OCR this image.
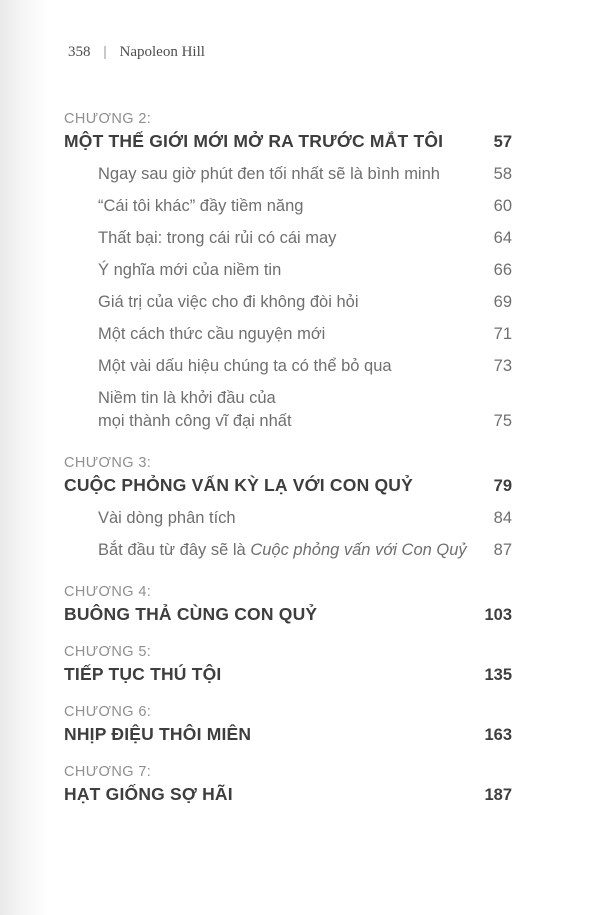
358 | Napoleon Hill
CHƯƠNG 2:
MỘT THẾ GIỚI MỚI MỞ RA TRƯỚC MẮT TÔI	57
Ngay sau giờ phút đen tối nhất sẽ là bình minh	58
“Cái tôi khác” đầy tiềm năng	60
Thất bại: trong cái rủi có cái may	64
Ý nghĩa mới của niềm tin	66
Giá trị của việc cho đi không đòi hỏi	69
Một cách thức cầu nguyện mới	71
Một vài dấu hiệu chúng ta có thể bỏ qua	73
Niềm tin là khởi đầu của
mọi thành công vĩ đại nhất	75
CHƯƠNG 3:
CUỘC PHỎNG VẤN KỲ LẠ VỚI CON QUỶ	79
Vài dòng phân tích	84
Bắt đầu từ đây sẽ là Cuộc phỏng vấn với Con Quỷ	87
CHƯƠNG 4:
BUÔNG THẢ CÙNG CON QUỶ	103
CHƯƠNG 5:
TIẾP TỤC THÚ TỘI	135
CHƯƠNG 6:
NHỊP ĐIỆU THÔI MIÊN	163
CHƯƠNG 7:
HẠT GIỐNG SỢ HÃI	187
